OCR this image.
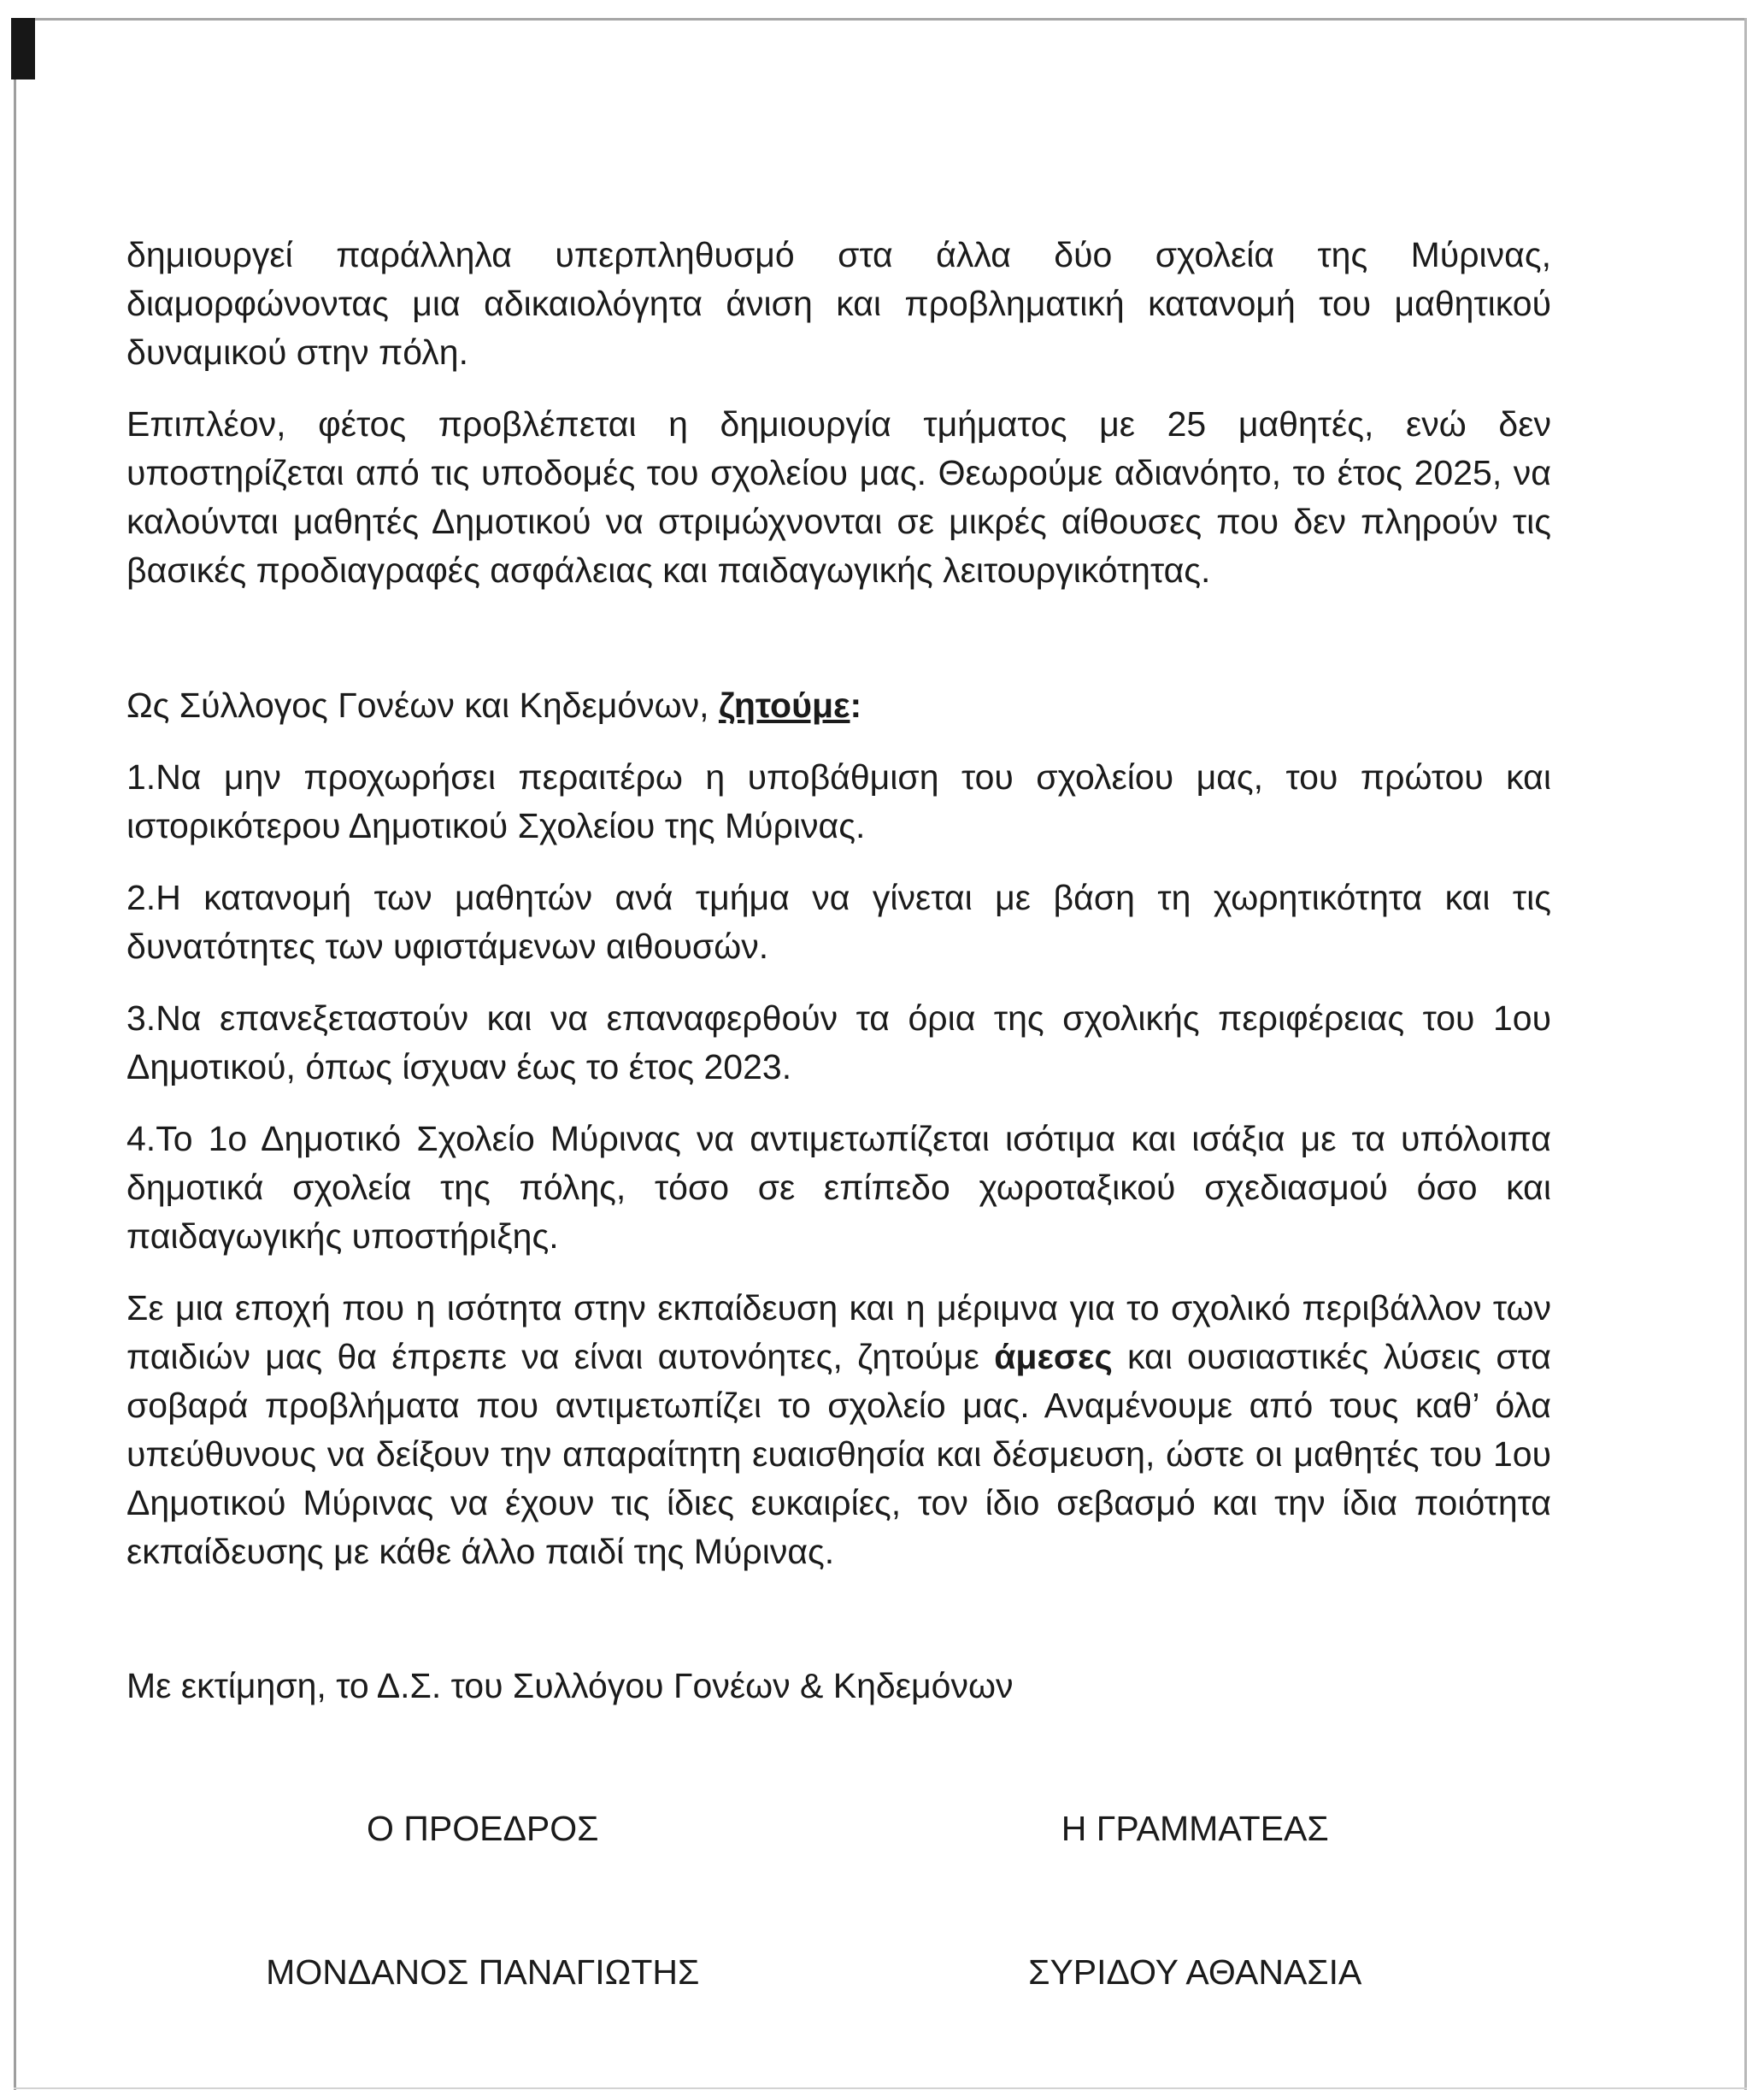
δημιουργεί παράλληλα υπερπληθυσμό στα άλλα δύο σχολεία της Μύρινας, διαμορφώνοντας μια αδικαιολόγητα άνιση και προβληματική κατανομή του μαθητικού δυναμικού στην πόλη.

Επιπλέον, φέτος προβλέπεται η δημιουργία τμήματος με 25 μαθητές, ενώ δεν υποστηρίζεται από τις υποδομές του σχολείου μας. Θεωρούμε αδιανόητο, το έτος 2025, να καλούνται μαθητές Δημοτικού να στριμώχνονται σε μικρές αίθουσες που δεν πληρούν τις βασικές προδιαγραφές ασφάλειας και παιδαγωγικής λειτουργικότητας.

Ως Σύλλογος Γονέων και Κηδεμόνων, ζητούμε:

1.Να μην προχωρήσει περαιτέρω η υποβάθμιση του σχολείου μας, του πρώτου και ιστορικότερου Δημοτικού Σχολείου της Μύρινας.

2.Η κατανομή των μαθητών ανά τμήμα να γίνεται με βάση τη χωρητικότητα και τις δυνατότητες των υφιστάμενων αιθουσών.

3.Να επανεξεταστούν και να επαναφερθούν τα όρια της σχολικής περιφέρειας του 1ου Δημοτικού, όπως ίσχυαν έως το έτος 2023.

4.Το 1ο Δημοτικό Σχολείο Μύρινας να αντιμετωπίζεται ισότιμα και ισάξια με τα υπόλοιπα δημοτικά σχολεία της πόλης, τόσο σε επίπεδο χωροταξικού σχεδιασμού όσο και παιδαγωγικής υποστήριξης.

Σε μια εποχή που η ισότητα στην εκπαίδευση και η μέριμνα για το σχολικό περιβάλλον των παιδιών μας θα έπρεπε να είναι αυτονόητες, ζητούμε άμεσες και ουσιαστικές λύσεις στα σοβαρά προβλήματα που αντιμετωπίζει το σχολείο μας. Αναμένουμε από τους καθ’ όλα υπεύθυνους να δείξουν την απαραίτητη ευαισθησία και δέσμευση, ώστε οι μαθητές του 1ου Δημοτικού Μύρινας να έχουν τις ίδιες ευκαιρίες, τον ίδιο σεβασμό και την ίδια ποιότητα εκπαίδευσης με κάθε άλλο παιδί της Μύρινας.

Με εκτίμηση, το Δ.Σ. του Συλλόγου Γονέων & Κηδεμόνων

Ο ΠΡΟΕΔΡΟΣ	Η ΓΡΑΜΜΑΤΕΑΣ
ΜΟΝΔΑΝΟΣ ΠΑΝΑΓΙΩΤΗΣ	ΣΥΡΙΔΟΥ ΑΘΑΝΑΣΙΑ
